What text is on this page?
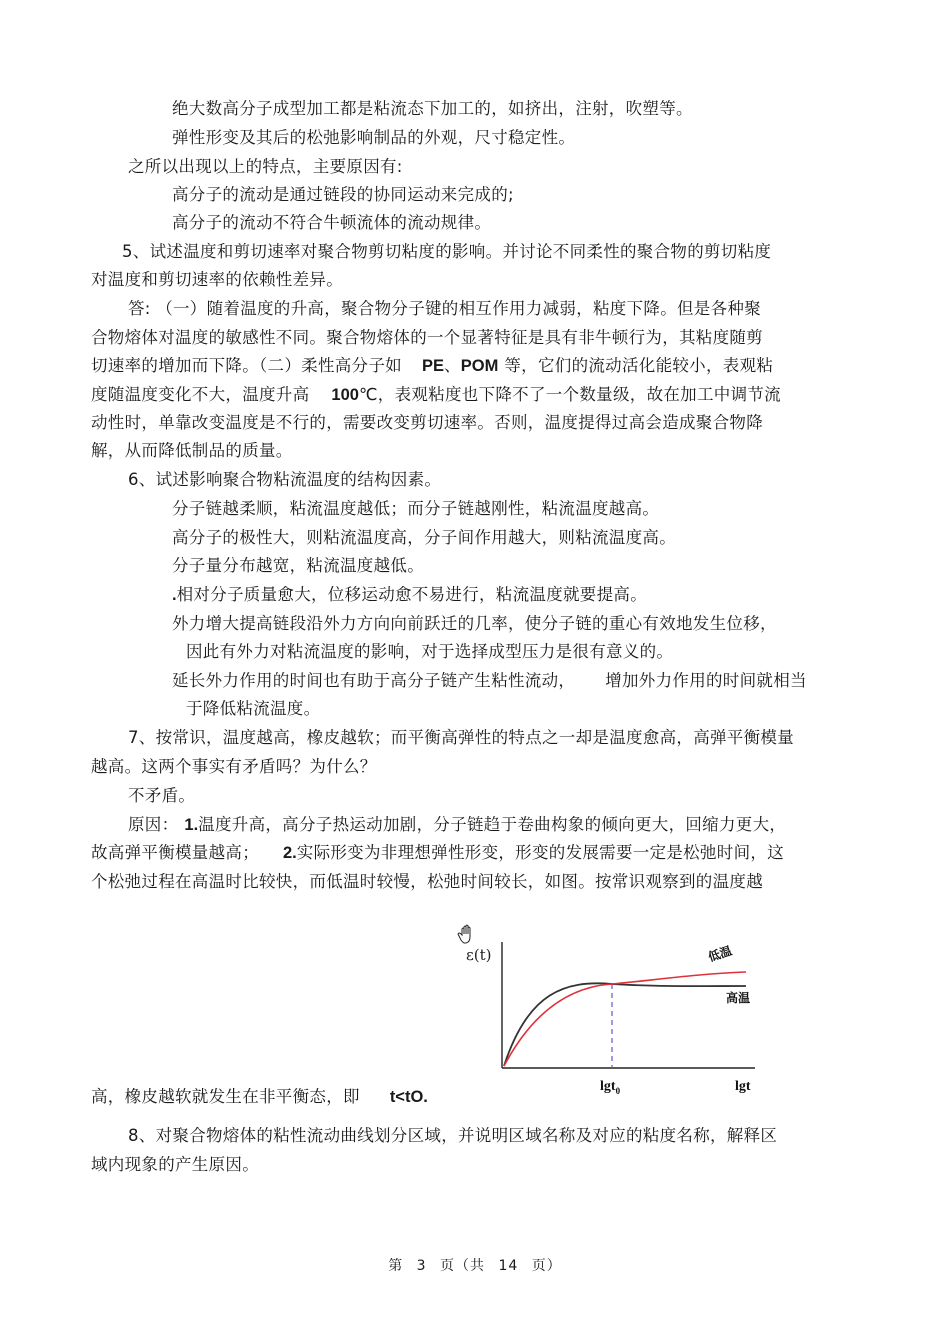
绝大数高分子成型加工都是粘流态下加工的，如挤出，注射，吹塑等。
弹性形变及其后的松弛影响制品的外观，尺寸稳定性。
之所以出现以上的特点，主要原因有:
高分子的流动是通过链段的协同运动来完成的;
高分子的流动不符合牛顿流体的流动规律。
5、试述温度和剪切速率对聚合物剪切粘度的影响。并讨论不同柔性的聚合物的剪切粘度
对温度和剪切速率的依赖性差异。
答: （一）随着温度的升高，聚合物分子键的相互作用力减弱，粘度下降。但是各种聚
合物熔体对温度的敏感性不同。聚合物熔体的一个显著特征是具有非牛顿行为，其粘度随剪
切速率的增加而下降。（二）柔性高分子如 PE、POM 等，它们的流动活化能较小，表观粘
度随温度变化不大，温度升高 100℃，表观粘度也下降不了一个数量级，故在加工中调节流
动性时，单靠改变温度是不行的，需要改变剪切速率。否则，温度提得过高会造成聚合物降
解，从而降低制品的质量。
6、试述影响聚合物粘流温度的结构因素。
分子链越柔顺，粘流温度越低；而分子链越刚性，粘流温度越高。
高分子的极性大，则粘流温度高，分子间作用越大，则粘流温度高。
分子量分布越宽，粘流温度越低。
.相对分子质量愈大，位移运动愈不易进行，粘流温度就要提高。
外力增大提高链段沿外力方向向前跃迁的几率，使分子链的重心有效地发生位移，
因此有外力对粘流温度的影响，对于选择成型压力是很有意义的。
延长外力作用的时间也有助于高分子链产生粘性流动， 增加外力作用的时间就相当
于降低粘流温度。
7、按常识，温度越高，橡皮越软；而平衡高弹性的特点之一却是温度愈高，高弹平衡模量
越高。这两个事实有矛盾吗？为什么？
不矛盾。
原因： 1.温度升高，高分子热运动加剧，分子链趋于卷曲构象的倾向更大，回缩力更大，
故高弹平衡模量越高； 2.实际形变为非理想弹性形变，形变的发展需要一定是松弛时间，这
个松弛过程在高温时比较快，而低温时较慢，松弛时间较长，如图。按常识观察到的温度越
ε(t)	低温
高温
lgt$_0$	lgt
高，橡皮越软就发生在非平衡态，即 t<tO.
8、对聚合物熔体的粘性流动曲线划分区域，并说明区域名称及对应的粘度名称，解释区
域内现象的产生原因。
第 3 页（共 14 页）
